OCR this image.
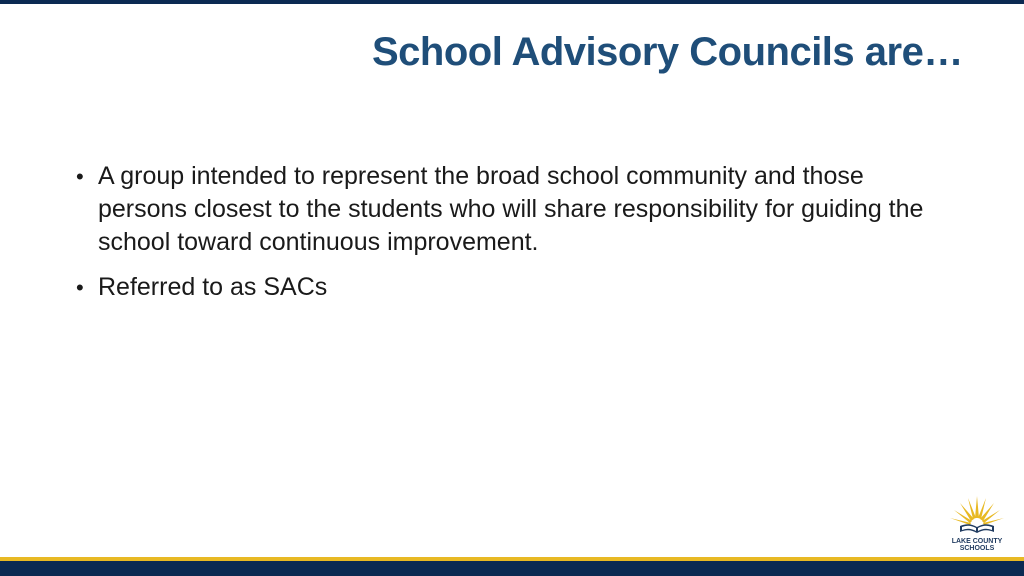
School Advisory Councils are…
• A group intended to represent the broad school community and those persons closest to the students who will share responsibility for guiding the school toward continuous improvement.
• Referred to as SACs
LAKE COUNTY SCHOOLS
